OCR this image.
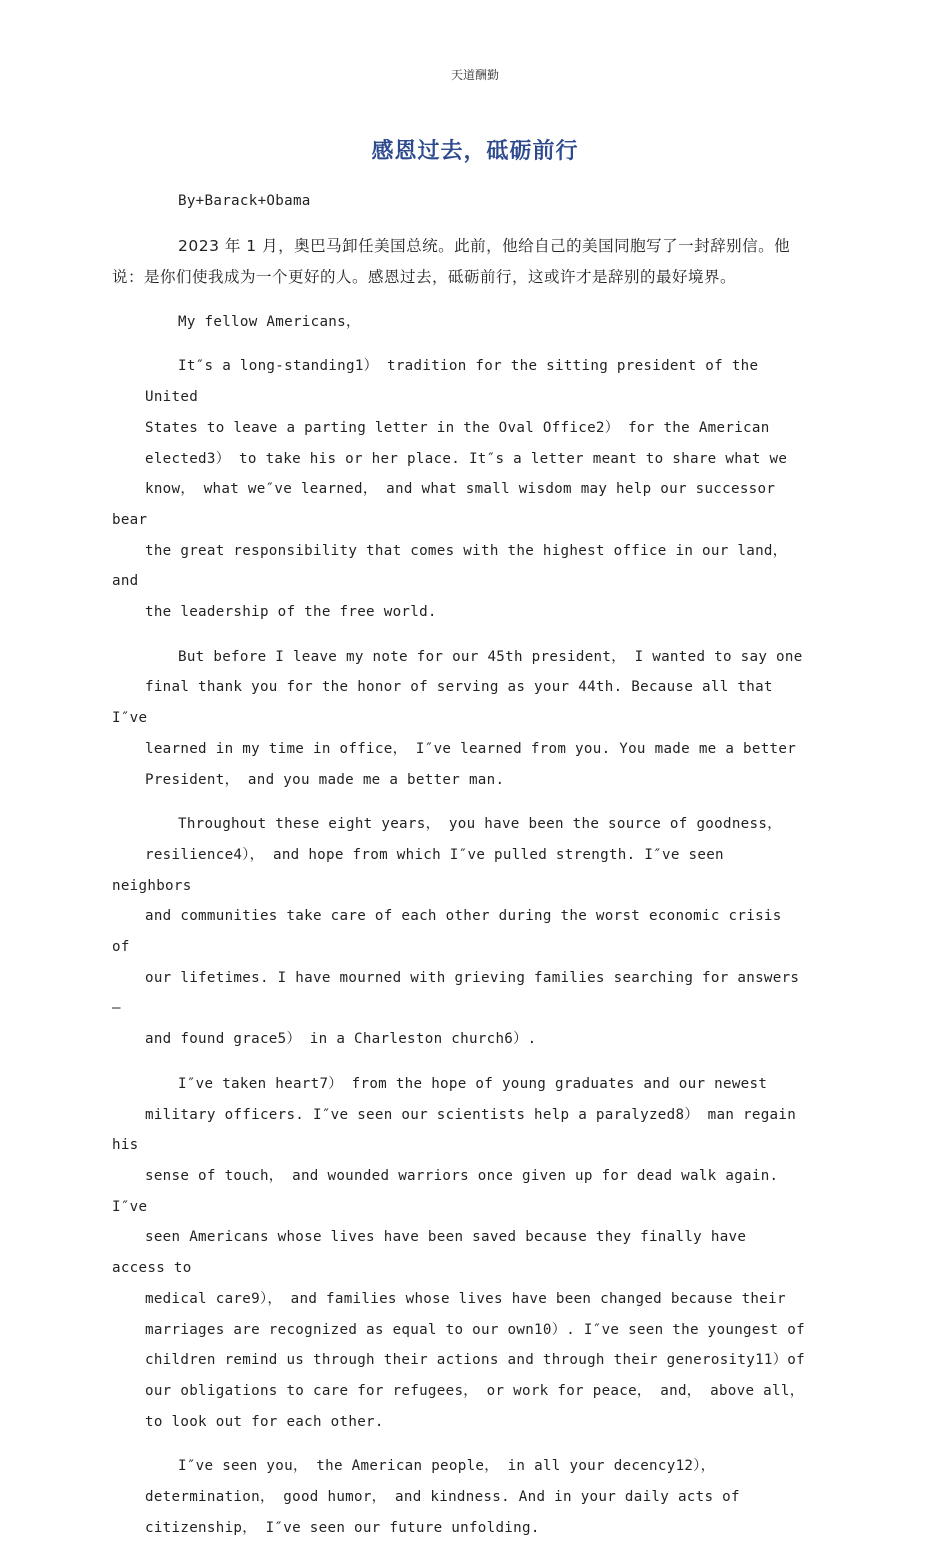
天道酬勤
感恩过去，砥砺前行
By+Barack+Obama
2023 年 1 月，奥巴马卸任美国总统。此前，他给自己的美国同胞写了一封辞别信。他
说：是你们使我成为一个更好的人。感恩过去，砥砺前行，这或许才是辞别的最好境界。
My fellow Americans，
It″s a long-standing1） tradition for the sitting president of the United
States to leave a parting letter in the Oval Office2） for the American
elected3） to take his or her place. It″s a letter meant to share what we
know， what we″ve learned， and what small wisdom may help our successor bear
the great responsibility that comes with the highest office in our land， and
the leadership of the free world.
But before I leave my note for our 45th president， I wanted to say one
final thank you for the honor of serving as your 44th. Because all that I″ve
learned in my time in office， I″ve learned from you. You made me a better
President， and you made me a better man.
Throughout these eight years， you have been the source of goodness，
resilience4）， and hope from which I″ve pulled strength. I″ve seen neighbors
and communities take care of each other during the worst economic crisis of
our lifetimes. I have mourned with grieving families searching for answers—
and found grace5） in a Charleston church6）.
I″ve taken heart7） from the hope of young graduates and our newest
military officers. I″ve seen our scientists help a paralyzed8） man regain his
sense of touch， and wounded warriors once given up for dead walk again. I″ve
seen Americans whose lives have been saved because they finally have access to
medical care9）， and families whose lives have been changed because their
marriages are recognized as equal to our own10）. I″ve seen the youngest of
children remind us through their actions and through their generosity11）of
our obligations to care for refugees， or work for peace， and， above all，
to look out for each other.
I″ve seen you， the American people， in all your decency12），
determination， good humor， and kindness. And in your daily acts of
citizenship， I″ve seen our future unfolding.
